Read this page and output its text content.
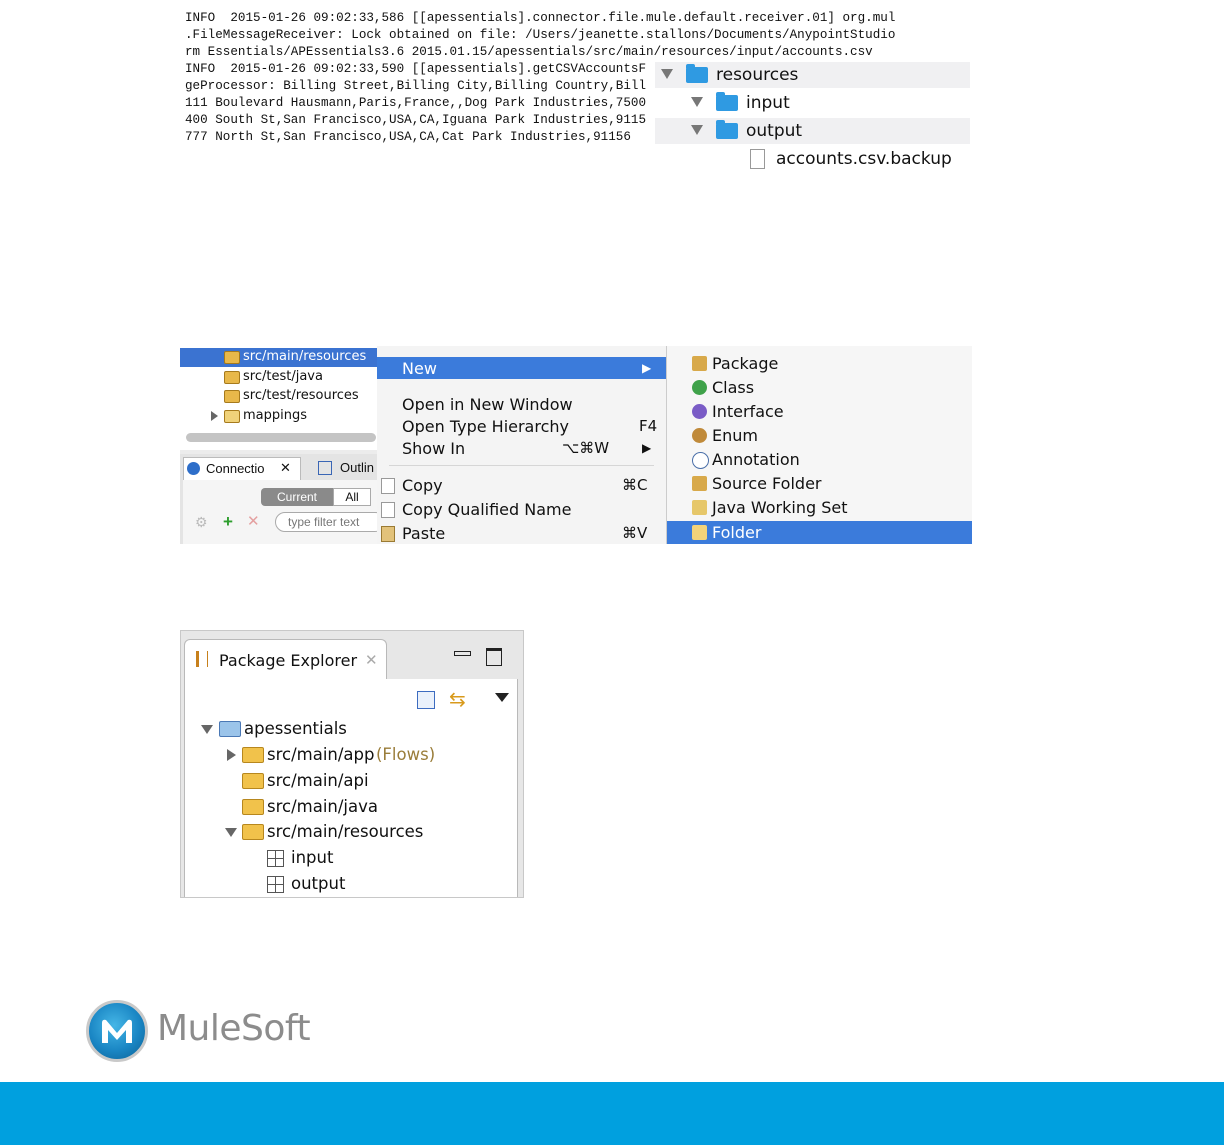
INFO  2015-01-26 09:02:33,586 [[apessentials].connector.file.mule.default.receiver.01] org.mul
.FileMessageReceiver: Lock obtained on file: /Users/jeanette.stallons/Documents/AnypointStudio
rm Essentials/APEssentials3.6 2015.01.15/apessentials/src/main/resources/input/accounts.csv
INFO  2015-01-26 09:02:33,590 [[apessentials].getCSVAccountsF
geProcessor: Billing Street,Billing City,Billing Country,Bill
111 Boulevard Hausmann,Paris,France,,Dog Park Industries,7500
400 South St,San Francisco,USA,CA,Iguana Park Industries,9115
777 North St,San Francisco,USA,CA,Cat Park Industries,91156
resources
input
output
accounts.csv.backup
src/main/resources
src/test/java
src/test/resources
mappings
Connectio ✕	Outlin
Current	All
⚙ + ✕	type filter text
New	▶
Open in New Window
Open Type Hierarchy	F4
Show In	⌥⌘W	▶
Copy	⌘C
Copy Qualified Name
Paste	⌘V
Package
Class
Interface
Enum
Annotation
Source Folder
Java Working Set
Folder
Package Explorer ✕
⇆
apessentials
src/main/app (Flows)
src/main/api
src/main/java
src/main/resources
input
output
MuleSoft
